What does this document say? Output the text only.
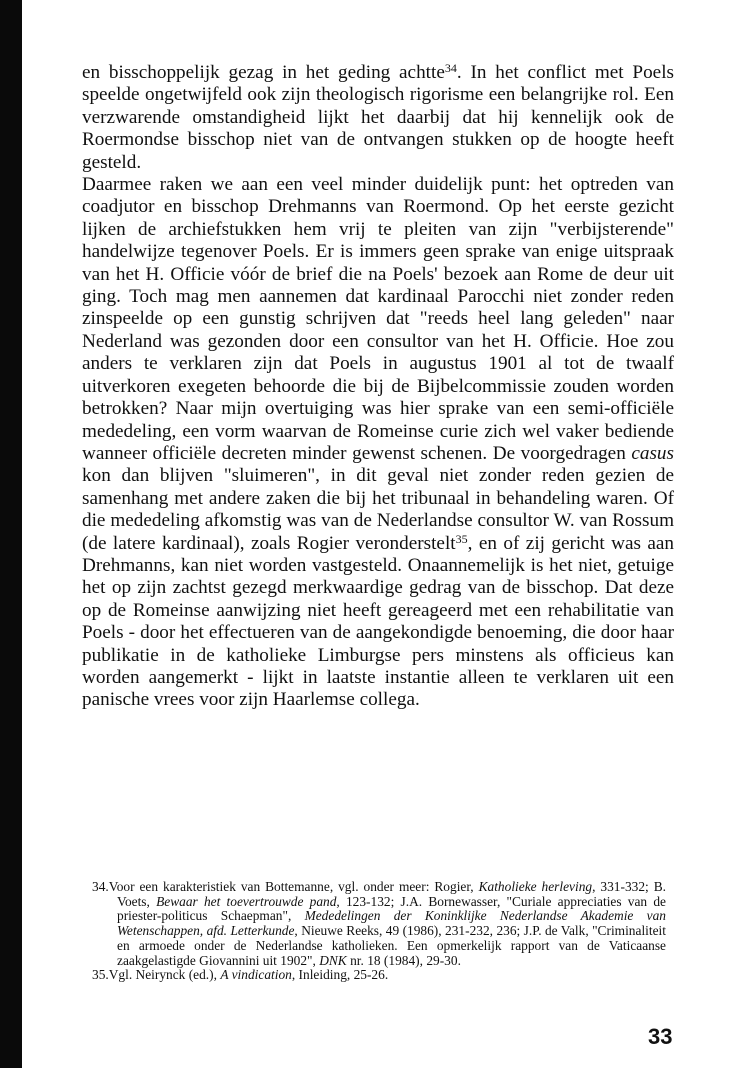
en bisschoppelijk gezag in het geding achtte$^{34}$. In het conflict met Poels speelde ongetwijfeld ook zijn theologisch rigorisme een belangrijke rol. Een verzwarende omstandigheid lijkt het daarbij dat hij kennelijk ook de Roermondse bisschop niet van de ontvangen stukken op de hoogte heeft gesteld.

Daarmee raken we aan een veel minder duidelijk punt: het optreden van coadjutor en bisschop Drehmanns van Roermond. Op het eerste gezicht lijken de archiefstukken hem vrij te pleiten van zijn "verbijsterende" handelwijze tegenover Poels. Er is immers geen sprake van enige uitspraak van het H. Officie vóór de brief die na Poels' bezoek aan Rome de deur uit ging. Toch mag men aannemen dat kardinaal Parocchi niet zonder reden zinspeelde op een gunstig schrijven dat "reeds heel lang geleden" naar Nederland was gezonden door een consultor van het H. Officie. Hoe zou anders te verklaren zijn dat Poels in augustus 1901 al tot de twaalf uitverkoren exegeten behoorde die bij de Bijbelcommissie zouden worden betrokken? Naar mijn overtuiging was hier sprake van een semi-officiële mededeling, een vorm waarvan de Romeinse curie zich wel vaker bediende wanneer officiële decreten minder gewenst schenen. De voorgedragen casus kon dan blijven "sluimeren", in dit geval niet zonder reden gezien de samenhang met andere zaken die bij het tribunaal in behandeling waren. Of die mededeling afkomstig was van de Nederlandse consultor W. van Rossum (de latere kardinaal), zoals Rogier veronderstelt$^{35}$, en of zij gericht was aan Drehmanns, kan niet worden vastgesteld. Onaannemelijk is het niet, getuige het op zijn zachtst gezegd merkwaardige gedrag van de bisschop. Dat deze op de Romeinse aanwijzing niet heeft gereageerd met een rehabilitatie van Poels - door het effectueren van de aangekondigde benoeming, die door haar publikatie in de katholieke Limburgse pers minstens als officieus kan worden aangemerkt - lijkt in laatste instantie alleen te verklaren uit een panische vrees voor zijn Haarlemse collega.

34.Voor een karakteristiek van Bottemanne, vgl. onder meer: Rogier, Katholieke herleving, 331-332; B. Voets, Bewaar het toevertrouwde pand, 123-132; J.A. Bornewasser, "Curiale appreciaties van de priester-politicus Schaepman", Mededelingen der Koninklijke Nederlandse Akademie van Wetenschappen, afd. Letterkunde, Nieuwe Reeks, 49 (1986), 231-232, 236; J.P. de Valk, "Criminaliteit en armoede onder de Nederlandse katholieken. Een opmerkelijk rapport van de Vaticaanse zaakgelastigde Giovannini uit 1902", DNK nr. 18 (1984), 29-30.

35.Vgl. Neirynck (ed.), A vindication, Inleiding, 25-26.

33
